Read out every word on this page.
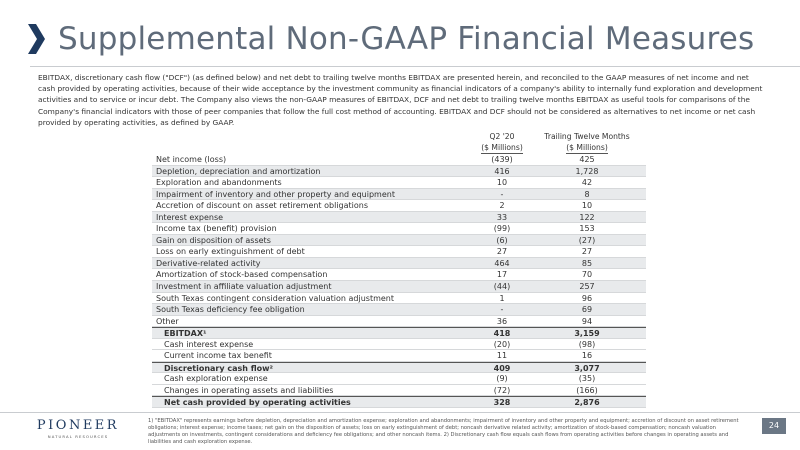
Supplemental Non-GAAP Financial Measures
EBITDAX, discretionary cash flow ("DCF") (as defined below) and net debt to trailing twelve months EBITDAX are presented herein, and reconciled to the GAAP measures of net income and net cash provided by operating activities, because of their wide acceptance by the investment community as financial indicators of a company's ability to internally fund exploration and development activities and to service or incur debt. The Company also views the non-GAAP measures of EBITDAX, DCF and net debt to trailing twelve months EBITDAX as useful tools for comparisons of the Company's financial indicators with those of peer companies that follow the full cost method of accounting. EBITDAX and DCF should not be considered as alternatives to net income or net cash provided by operating activities, as defined by GAAP.
Q2 '20
($ Millions)
Trailing Twelve Months
($ Millions)
Net income (loss)	(439)	425
Depletion, depreciation and amortization	416	1,728
Exploration and abandonments	10	42
Impairment of inventory and other property and equipment	-	8
Accretion of discount on asset retirement obligations	2	10
Interest expense	33	122
Income tax (benefit) provision	(99)	153
Gain on disposition of assets	(6)	(27)
Loss on early extinguishment of debt	27	27
Derivative-related activity	464	85
Amortization of stock-based compensation	17	70
Investment in affiliate valuation adjustment	(44)	257
South Texas contingent consideration valuation adjustment	1	96
South Texas deficiency fee obligation	-	69
Other	36	94
EBITDAX¹	418	3,159
Cash interest expense	(20)	(98)
Current income tax benefit	11	16
Discretionary cash flow²	409	3,077
Cash exploration expense	(9)	(35)
Changes in operating assets and liabilities	(72)	(166)
Net cash provided by operating activities	328	2,876
PIONEER
NATURAL RESOURCES
1) "EBITDAX" represents earnings before depletion, depreciation and amortization expense; exploration and abandonments; impairment of inventory and other property and equipment; accretion of discount on asset retirement obligations; interest expense; income taxes; net gain on the disposition of assets; loss on early extinguishment of debt; noncash derivative related activity; amortization of stock-based compensation; noncash valuation adjustments on investments, contingent considerations and deficiency fee obligations; and other noncash items. 2) Discretionary cash flow equals cash flows from operating activities before changes in operating assets and liabilities and cash exploration expense.
24
